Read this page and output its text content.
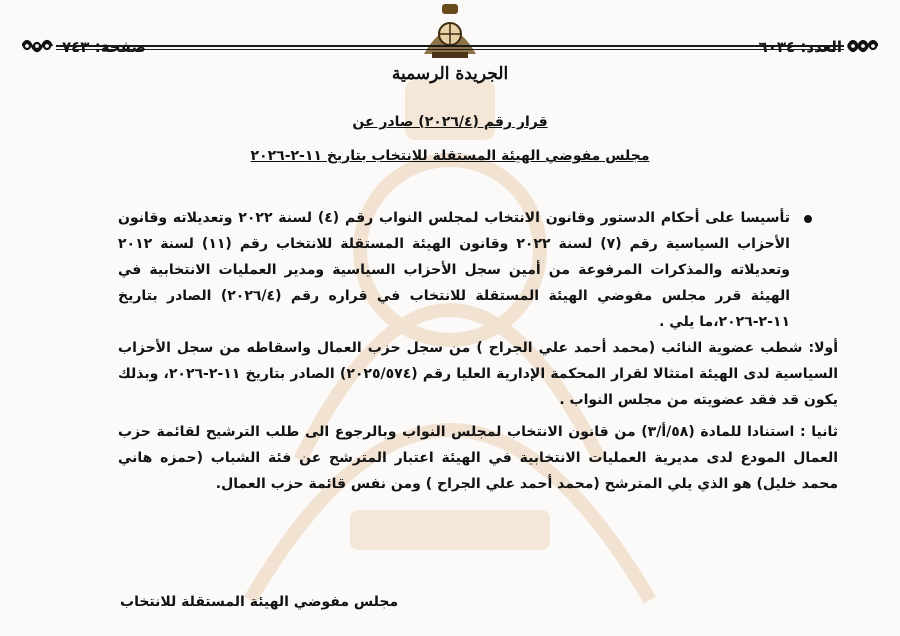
العدد: ٦٠٣٤
صفحة: ٧٤٣
الجريدة الرسمية
قرار رقم (٢٠٢٦/٤) صادر عن
مجلس مفوضي الهيئة المستقلة للانتخاب بتاريخ ١١-٢-٢٠٢٦

تأسيسا على أحكام الدستور وقانون الانتخاب لمجلس النواب رقم (٤) لسنة ٢٠٢٢ وتعديلاته وقانون الأحزاب السياسية رقم (٧) لسنة ٢٠٢٢ وقانون الهيئة المستقلة للانتخاب رقم (١١) لسنة ٢٠١٢ وتعديلاته والمذكرات المرفوعة من أمين سجل الأحزاب السياسية ومدير العمليات الانتخابية في الهيئة قرر مجلس مفوضي الهيئة المستقلة للانتخاب في قراره رقم (٢٠٢٦/٤) الصادر بتاريخ ١١-٢-٢٠٢٦،ما يلي .

أولا: شطب عضوية النائب (محمد أحمد علي الجراح ) من سجل حزب العمال واسقاطه من سجل الأحزاب السياسية لدى الهيئة امتثالا لقرار المحكمة الإدارية العليا رقم (٢٠٢٥/٥٧٤) الصادر بتاريخ ١١-٢-٢٠٢٦، وبذلك يكون قد فقد عضويته من مجلس النواب .

ثانيا : استنادا للمادة (٥٨/أ/٣) من قانون الانتخاب لمجلس النواب وبالرجوع الى طلب الترشيح لقائمة حزب العمال المودع لدى مديرية العمليات الانتخابية في الهيئة اعتبار المترشح عن فئة الشباب (حمزه هاني محمد خليل) هو الذي يلي المترشح (محمد أحمد علي الجراح ) ومن نفس قائمة حزب العمال.

مجلس مفوضي الهيئة المستقلة للانتخاب
